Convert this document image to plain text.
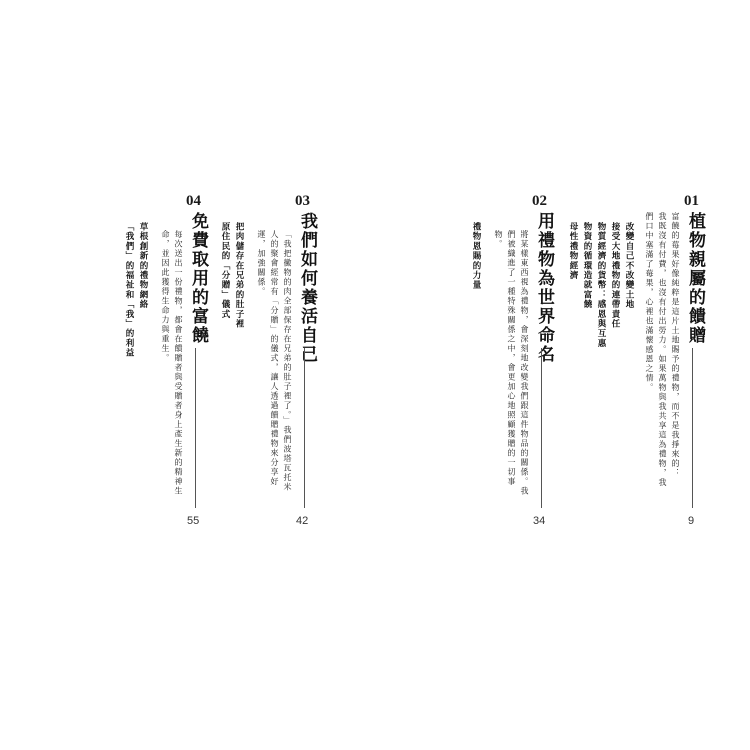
01
植物親屬的饋贈
9
富饒的莓果好像純粹是這片土地賜予的禮物，而不是我掙來的：
我既沒有付費，也沒有付出勞力。如果萬物與我共享這為禮物，我
們口中塞滿了莓果，心裡也滿懷感恩之情。
改變自己不改變土地
接受大地禮物的連帶責任
物質經濟的貨幣：感恩與互惠
物資的循環造就富饒
母性禮物經濟
02
用禮物為世界命名
34
將某樣東西視為禮物，會深刻地改變我們跟這件物品的關係。我
們被織進了一種特殊關係之中，會更加心地照顧獲贈的一切事
物。
禮物恩賜的力量
03
我們如何養活自己
42
「我把黴物的肉全部保存在兄弟的肚子裡了。」我們波塔瓦托米
人的聚會經常有「分贈」的儀式，讓人透過饋贈禮物來分享好
運，加強關係。
把肉儲存在兄弟的肚子裡
原住民的「分贈」儀式
04
免費取用的富饒
55
每次送出一份禮物，都會在饋贈者與受贈者身上產生新的精神生
命，並因此獲得生命力與重生。
草根創新的禮物網絡
「我們」的福祉和「我」的利益
